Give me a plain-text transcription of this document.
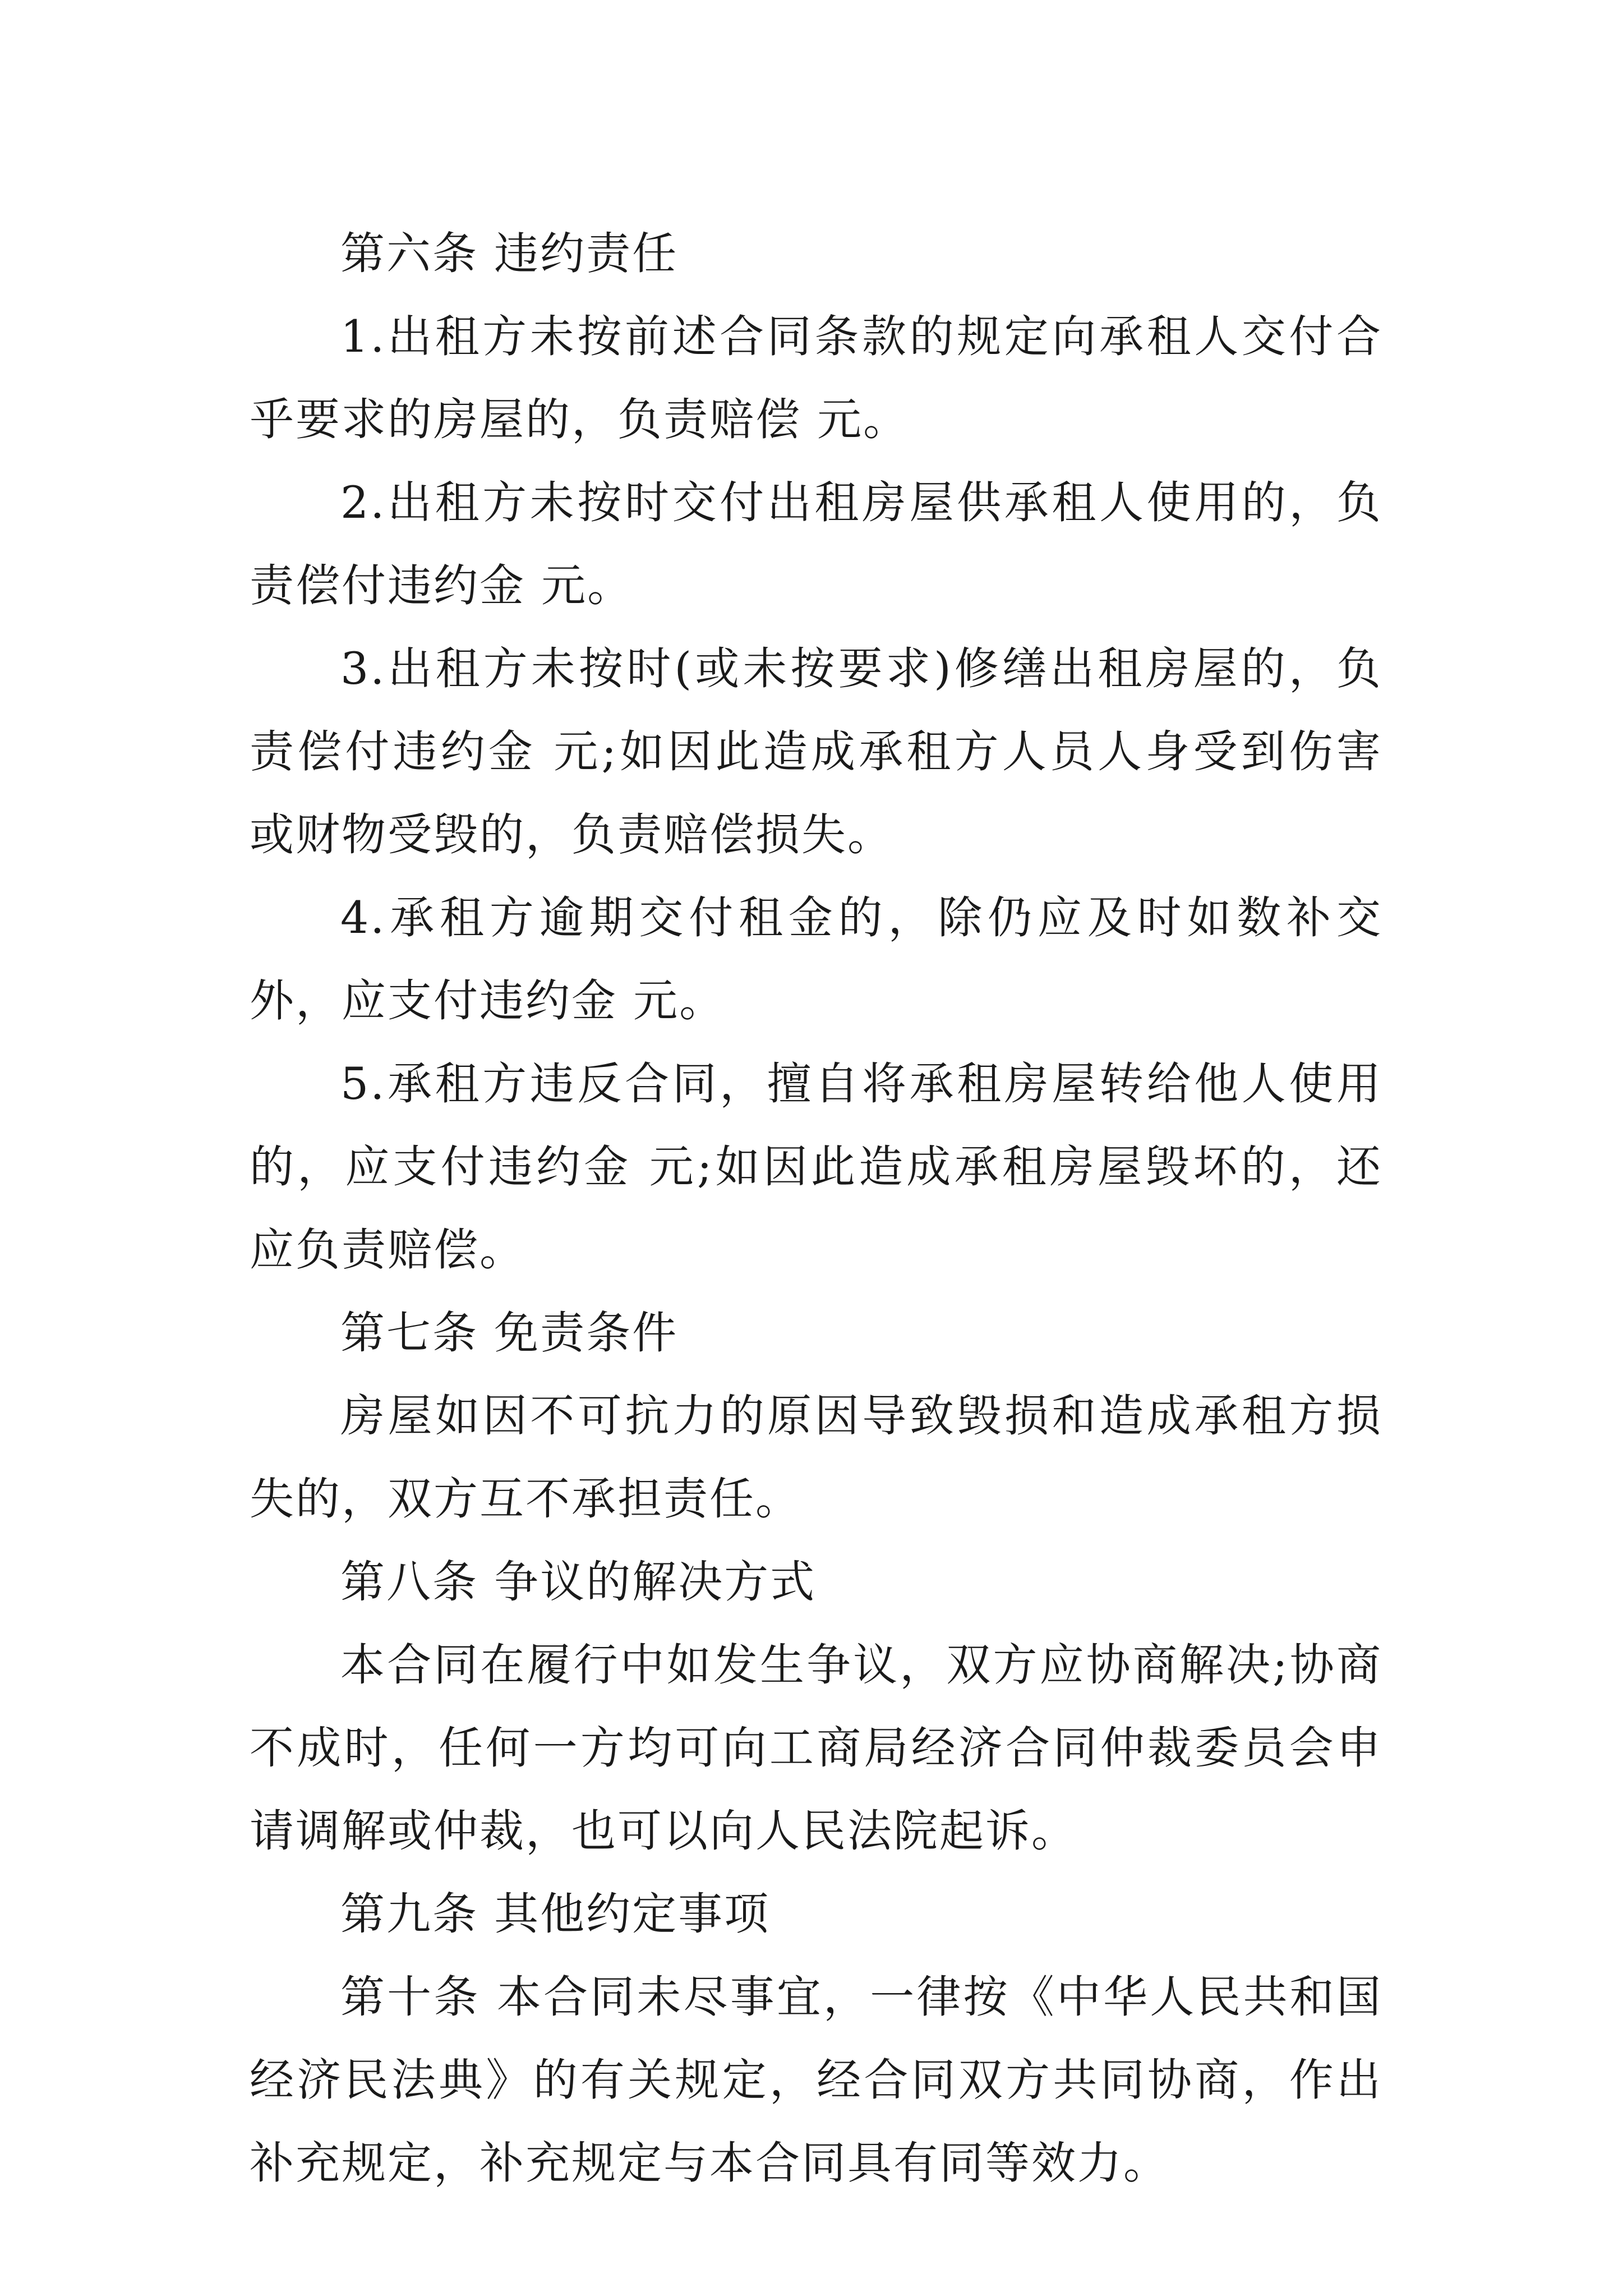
第六条 违约责任

1.出租方未按前述合同条款的规定向承租人交付合乎要求的房屋的，负责赔偿 元。

2.出租方未按时交付出租房屋供承租人使用的，负责偿付违约金 元。

3.出租方未按时(或未按要求)修缮出租房屋的，负责偿付违约金 元;如因此造成承租方人员人身受到伤害或财物受毁的，负责赔偿损失。

4.承租方逾期交付租金的，除仍应及时如数补交外，应支付违约金 元。

5.承租方违反合同，擅自将承租房屋转给他人使用的，应支付违约金 元;如因此造成承租房屋毁坏的，还应负责赔偿。

第七条 免责条件

房屋如因不可抗力的原因导致毁损和造成承租方损失的，双方互不承担责任。

第八条 争议的解决方式

本合同在履行中如发生争议，双方应协商解决;协商不成时，任何一方均可向工商局经济合同仲裁委员会申请调解或仲裁，也可以向人民法院起诉。

第九条 其他约定事项

第十条 本合同未尽事宜，一律按《中华人民共和国经济民法典》的有关规定，经合同双方共同协商，作出补充规定，补充规定与本合同具有同等效力。
